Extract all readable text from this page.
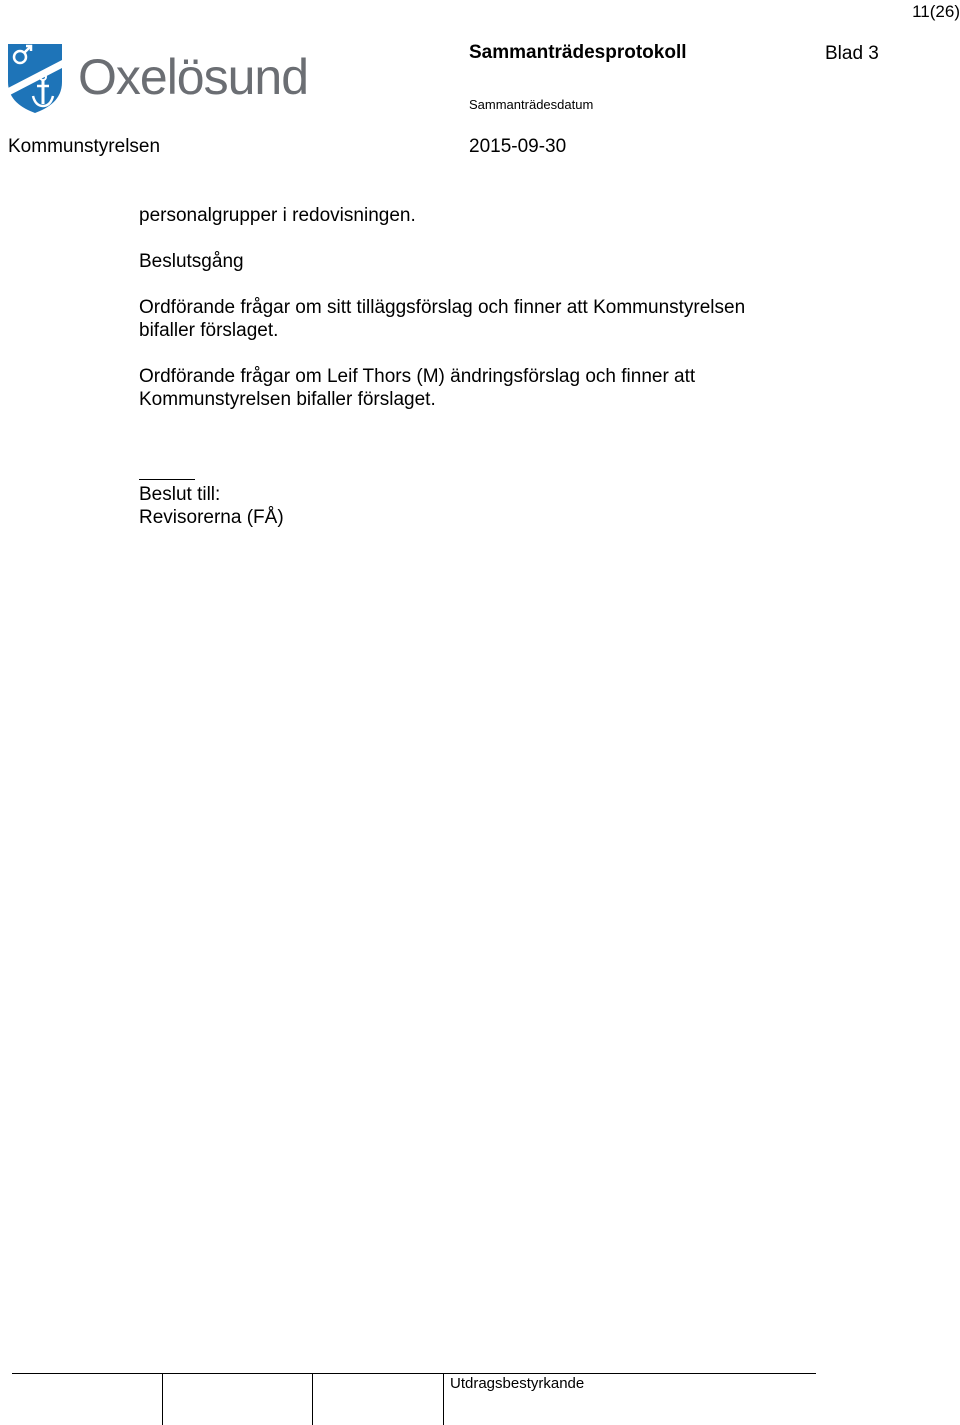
11(26)
Oxelösund	Sammanträdesprotokoll	Blad 3
Sammanträdesdatum
Kommunstyrelsen	2015-09-30

personalgrupper i redovisningen.

Beslutsgång

Ordförande frågar om sitt tilläggsförslag och finner att Kommunstyrelsen

bifaller förslaget.

Ordförande frågar om Leif Thors (M) ändringsförslag och finner att

Kommunstyrelsen bifaller förslaget.

Beslut till:

Revisorerna (FÅ)

Utdragsbestyrkande
